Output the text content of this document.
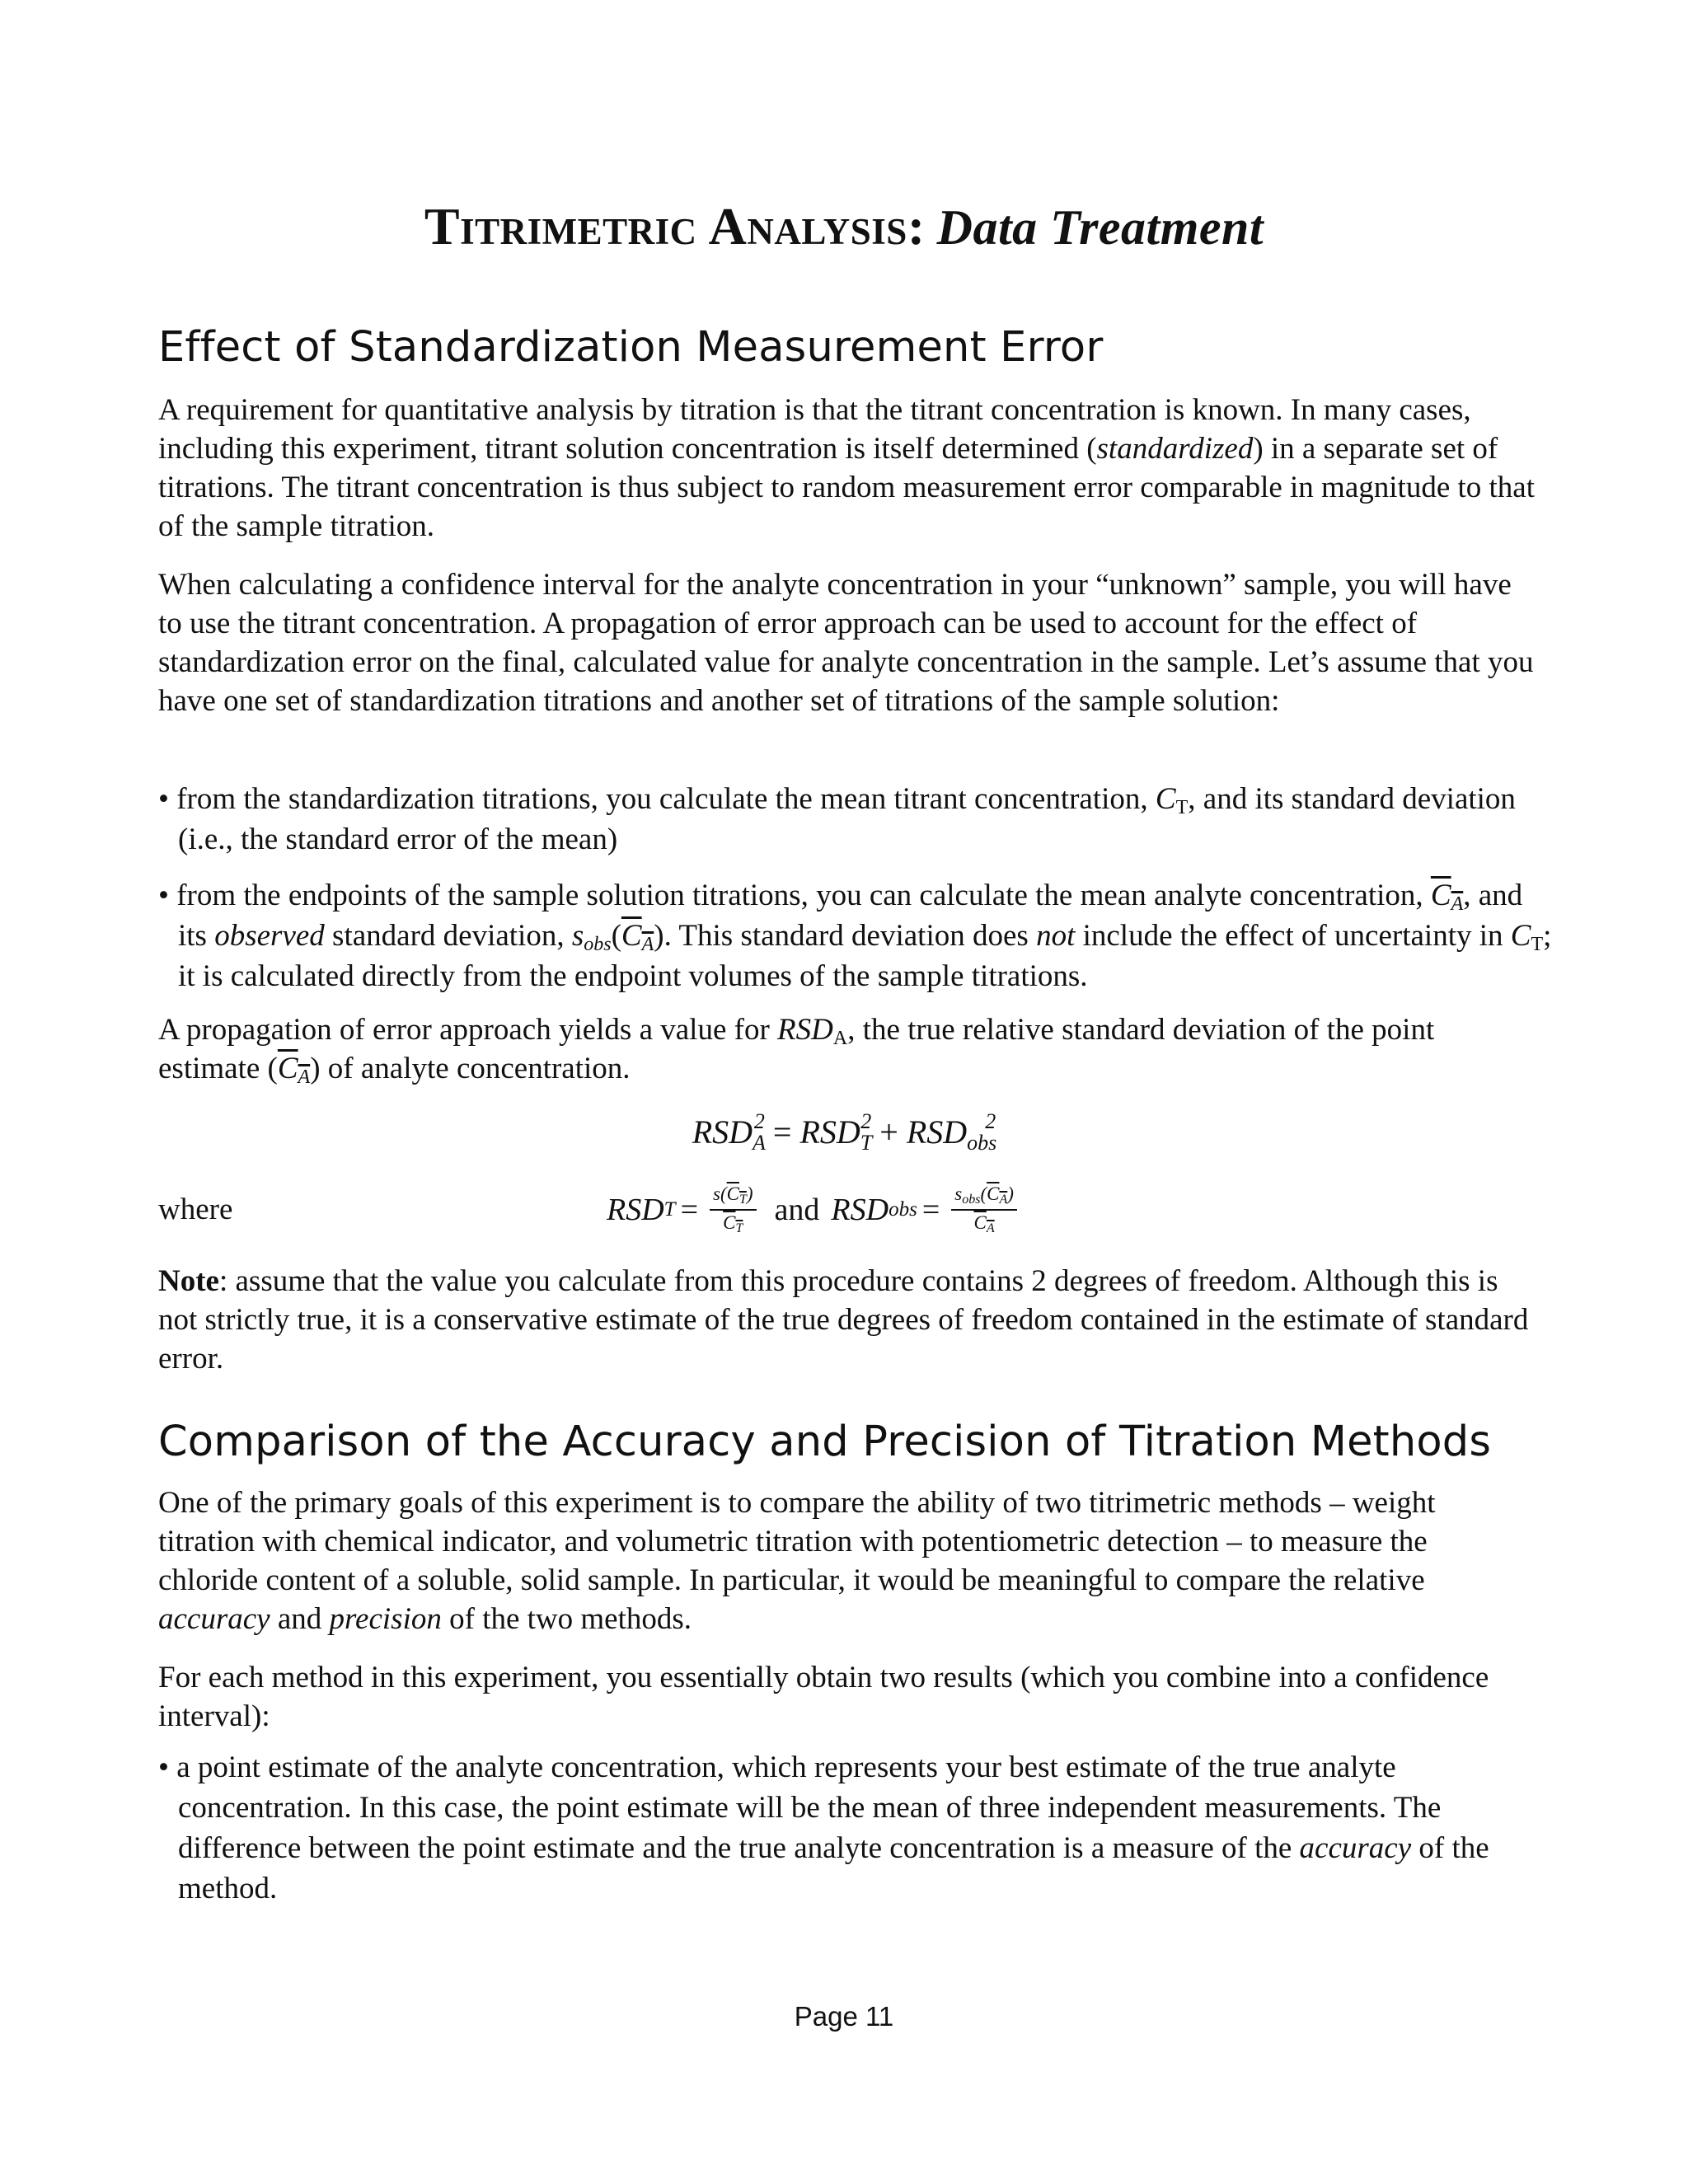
Titrimetric Analysis: Data Treatment
Effect of Standardization Measurement Error

A requirement for quantitative analysis by titration is that the titrant concentration is known. In many cases, including this experiment, titrant solution concentration is itself determined (standardized) in a separate set of titrations. The titrant concentration is thus subject to random measurement error comparable in magnitude to that of the sample titration.

When calculating a confidence interval for the analyte concentration in your “unknown” sample, you will have to use the titrant concentration. A propagation of error approach can be used to account for the effect of standardization error on the final, calculated value for analyte concentration in the sample. Let’s assume that you have one set of standardization titrations and another set of titrations of the sample solution:

• from the standardization titrations, you calculate the mean titrant concentration, $C_T$, and its standard deviation (i.e., the standard error of the mean)

• from the endpoints of the sample solution titrations, you can calculate the mean analyte concentration, $C_A$, and its observed standard deviation, $s_{obs}(C_A)$. This standard deviation does not include the effect of uncertainty in $C_T$; it is calculated directly from the endpoint volumes of the sample titrations.

A propagation of error approach yields a value for $RSD_A$, the true relative standard deviation of the point estimate $(C_A)$ of analyte concentration.

$RSD_A^2 = RSD_T^2 + RSD_{obs}^2$
where	RSD $T = \frac{s(CT)}{CT}$ and RSD obs = $\frac{\text{sobs(CA)}}{CA}$

Note: assume that the value you calculate from this procedure contains 2 degrees of freedom. Although this is not strictly true, it is a conservative estimate of the true degrees of freedom contained in the estimate of standard error.

Comparison of the Accuracy and Precision of Titration Methods

One of the primary goals of this experiment is to compare the ability of two titrimetric methods – weight titration with chemical indicator, and volumetric titration with potentiometric detection – to measure the chloride content of a soluble, solid sample. In particular, it would be meaningful to compare the relative accuracy and precision of the two methods.

For each method in this experiment, you essentially obtain two results (which you combine into a confidence interval):

• a point estimate of the analyte concentration, which represents your best estimate of the true analyte concentration. In this case, the point estimate will be the mean of three independent measurements. The difference between the point estimate and the true analyte concentration is a measure of the accuracy of the method.

Page 11
